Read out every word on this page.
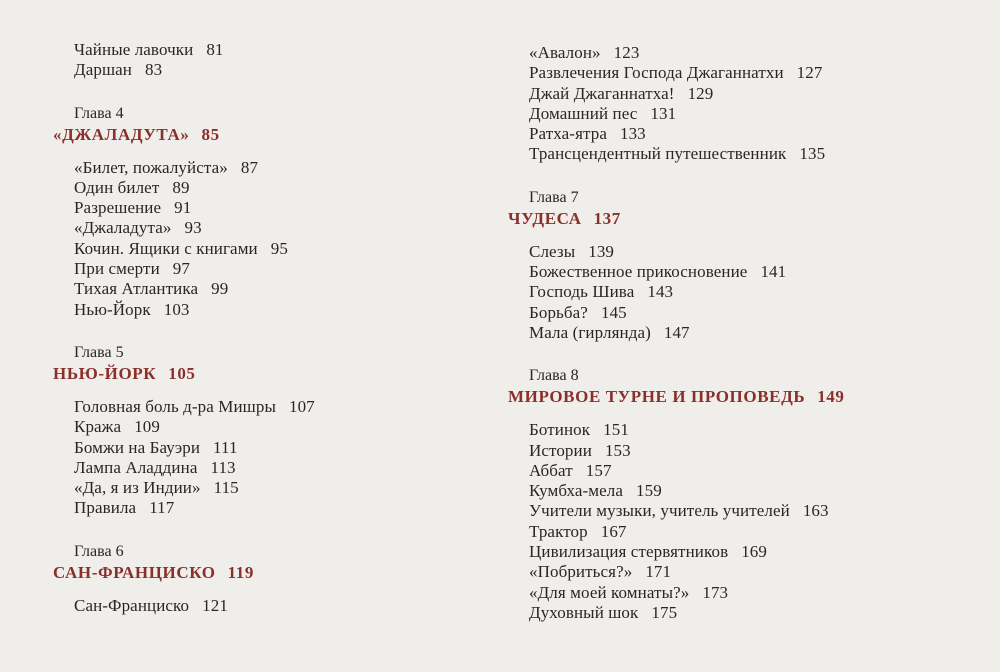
Чайные лавочки 81
Даршан 83
Глава 4
«ДЖАЛАДУТА» 85
«Билет, пожалуйста» 87
Один билет 89
Разрешение 91
«Джаладута» 93
Кочин. Ящики с книгами 95
При смерти 97
Тихая Атлантика 99
Нью-Йорк 103
Глава 5
НЬЮ-ЙОРК 105
Головная боль д-ра Мишры 107
Кража 109
Бомжи на Бауэри 111
Лампа Аладдина 113
«Да, я из Индии» 115
Правила 117
Глава 6
САН-ФРАНЦИСКО 119
Сан-Франциско 121
«Авалон» 123
Развлечения Господа Джаганнатхи 127
Джай Джаганнатха! 129
Домашний пес 131
Ратха-ятра 133
Трансцендентный путешественник 135
Глава 7
ЧУДЕСА 137
Слезы 139
Божественное прикосновение 141
Господь Шива 143
Борьба? 145
Мала (гирлянда) 147
Глава 8
МИРОВОЕ ТУРНЕ И ПРОПОВЕДЬ 149
Ботинок 151
Истории 153
Аббат 157
Кумбха-мела 159
Учители музыки, учитель учителей 163
Трактор 167
Цивилизация стервятников 169
«Побриться?» 171
«Для моей комнаты?» 173
Духовный шок 175
